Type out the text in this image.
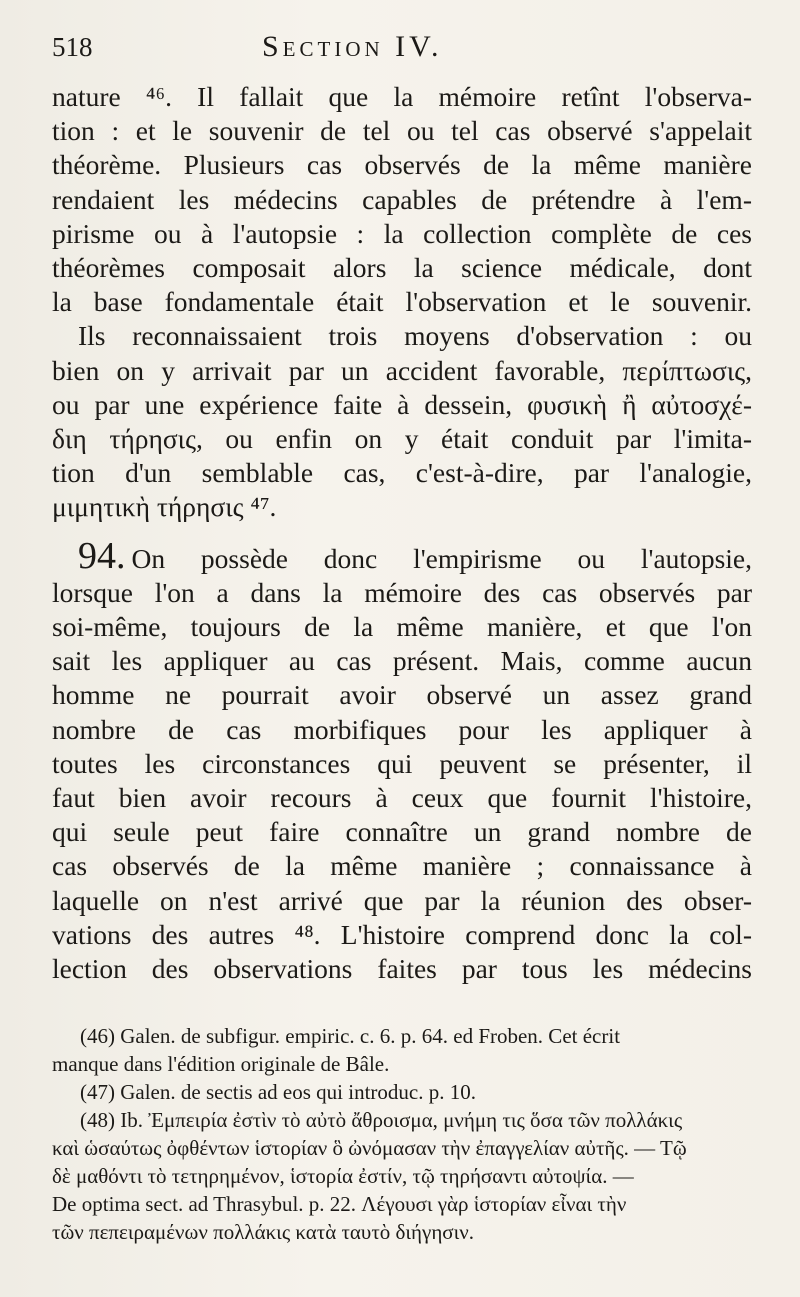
518	Section IV.
nature ⁴⁶. Il fallait que la mémoire retînt l'observa-
tion : et le souvenir de tel ou tel cas observé s'appelait
théorème. Plusieurs cas observés de la même manière
rendaient les médecins capables de prétendre à l'em-
pirisme ou à l'autopsie : la collection complète de ces
théorèmes composait alors la science médicale, dont
la base fondamentale était l'observation et le souvenir.
Ils reconnaissaient trois moyens d'observation : ou
bien on y arrivait par un accident favorable, περίπτωσις,
ou par une expérience faite à dessein, φυσικὴ ἢ αὐτοσχέ-
διη τήρησις, ou enfin on y était conduit par l'imita-
tion d'un semblable cas, c'est-à-dire, par l'analogie,
μιμητικὴ τήρησις ⁴⁷.
94. On possède donc l'empirisme ou l'autopsie,
lorsque l'on a dans la mémoire des cas observés par
soi-même, toujours de la même manière, et que l'on
sait les appliquer au cas présent. Mais, comme aucun
homme ne pourrait avoir observé un assez grand
nombre de cas morbifiques pour les appliquer à
toutes les circonstances qui peuvent se présenter, il
faut bien avoir recours à ceux que fournit l'histoire,
qui seule peut faire connaître un grand nombre de
cas observés de la même manière ; connaissance à
laquelle on n'est arrivé que par la réunion des obser-
vations des autres ⁴⁸. L'histoire comprend donc la col-
lection des observations faites par tous les médecins
(46) Galen. de subfigur. empiric. c. 6. p. 64. ed Froben. Cet écrit
manque dans l'édition originale de Bâle.
(47) Galen. de sectis ad eos qui introduc. p. 10.
(48) Ib. Ἐμπειρία ἐστὶν τὸ αὐτὸ ἄθροισμα, μνήμη τις ὅσα τῶν πολλάκις
καὶ ὡσαύτως ὀφθέντων ἱστορίαν ὃ ὠνόμασαν τὴν ἐπαγγελίαν αὐτῆς. — Τῷ
δὲ μαθόντι τὸ τετηρημένον, ἱστορία ἐστίν, τῷ τηρήσαντι αὐτοψία. —
De optima sect. ad Thrasybul. p. 22. Λέγουσι γὰρ ἱστορίαν εἶναι τὴν
τῶν πεπειραμένων πολλάκις κατὰ ταυτὸ διήγησιν.
